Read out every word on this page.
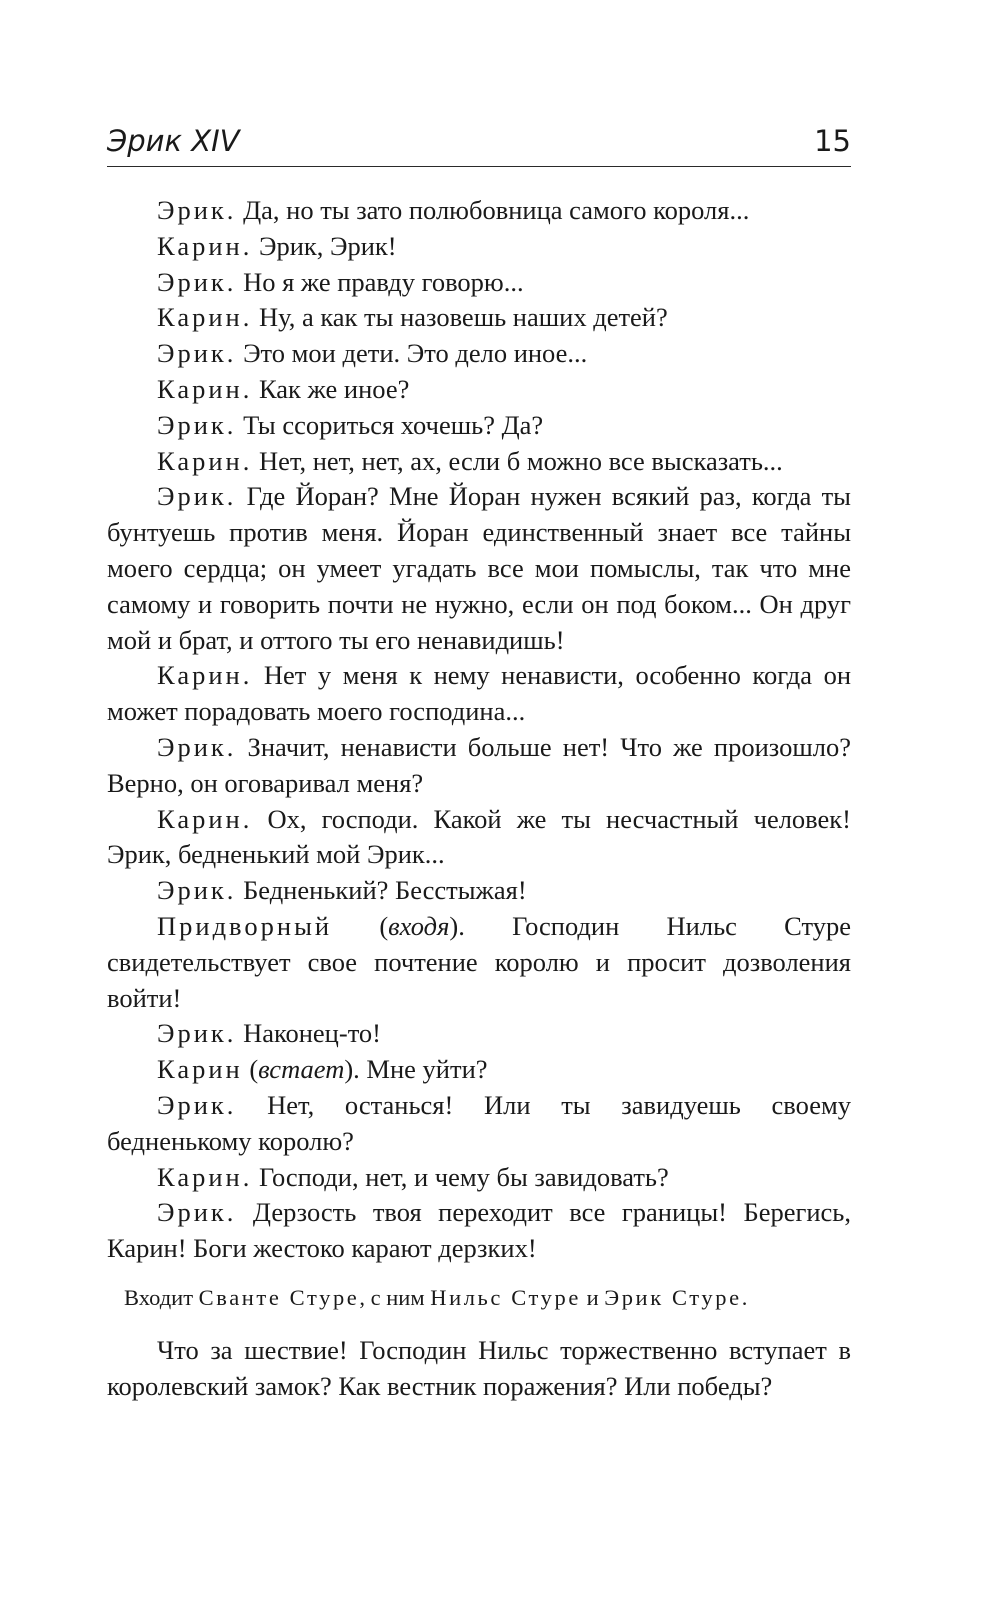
Эрик XIV	15

Эрик. Да, но ты зато полюбовница самого короля...

Карин. Эрик, Эрик!

Эрик. Но я же правду говорю...

Карин. Ну, а как ты назовешь наших детей?

Эрик. Это мои дети. Это дело иное...

Карин. Как же иное?

Эрик. Ты ссориться хочешь? Да?

Карин. Нет, нет, нет, ах, если б можно все высказать...

Эрик. Где Йоран? Мне Йоран нужен всякий раз, когда ты бунтуешь против меня. Йоран единственный знает все тайны моего сердца; он умеет угадать все мои помыслы, так что мне самому и говорить почти не нужно, если он под боком... Он друг мой и брат, и оттого ты его ненавидишь!

Карин. Нет у меня к нему ненависти, особенно когда он может порадовать моего господина...

Эрик. Значит, ненависти больше нет! Что же произошло? Верно, он оговаривал меня?

Карин. Ох, господи. Какой же ты несчастный человек! Эрик, бедненький мой Эрик...

Эрик. Бедненький? Бесстыжая!

Придворный (входя). Господин Нильс Стуре свидетельствует свое почтение королю и просит дозволения войти!

Эрик. Наконец-то!

Карин (встает). Мне уйти?

Эрик. Нет, останься! Или ты завидуешь своему бедненькому королю?

Карин. Господи, нет, и чему бы завидовать?

Эрик. Дерзость твоя переходит все границы! Берегись, Карин! Боги жестоко карают дерзких!

Входит Сванте Стуре, с ним Нильс Стуре и Эрик Стуре.

Что за шествие! Господин Нильс торжественно вступает в королевский замок? Как вестник поражения? Или победы?
